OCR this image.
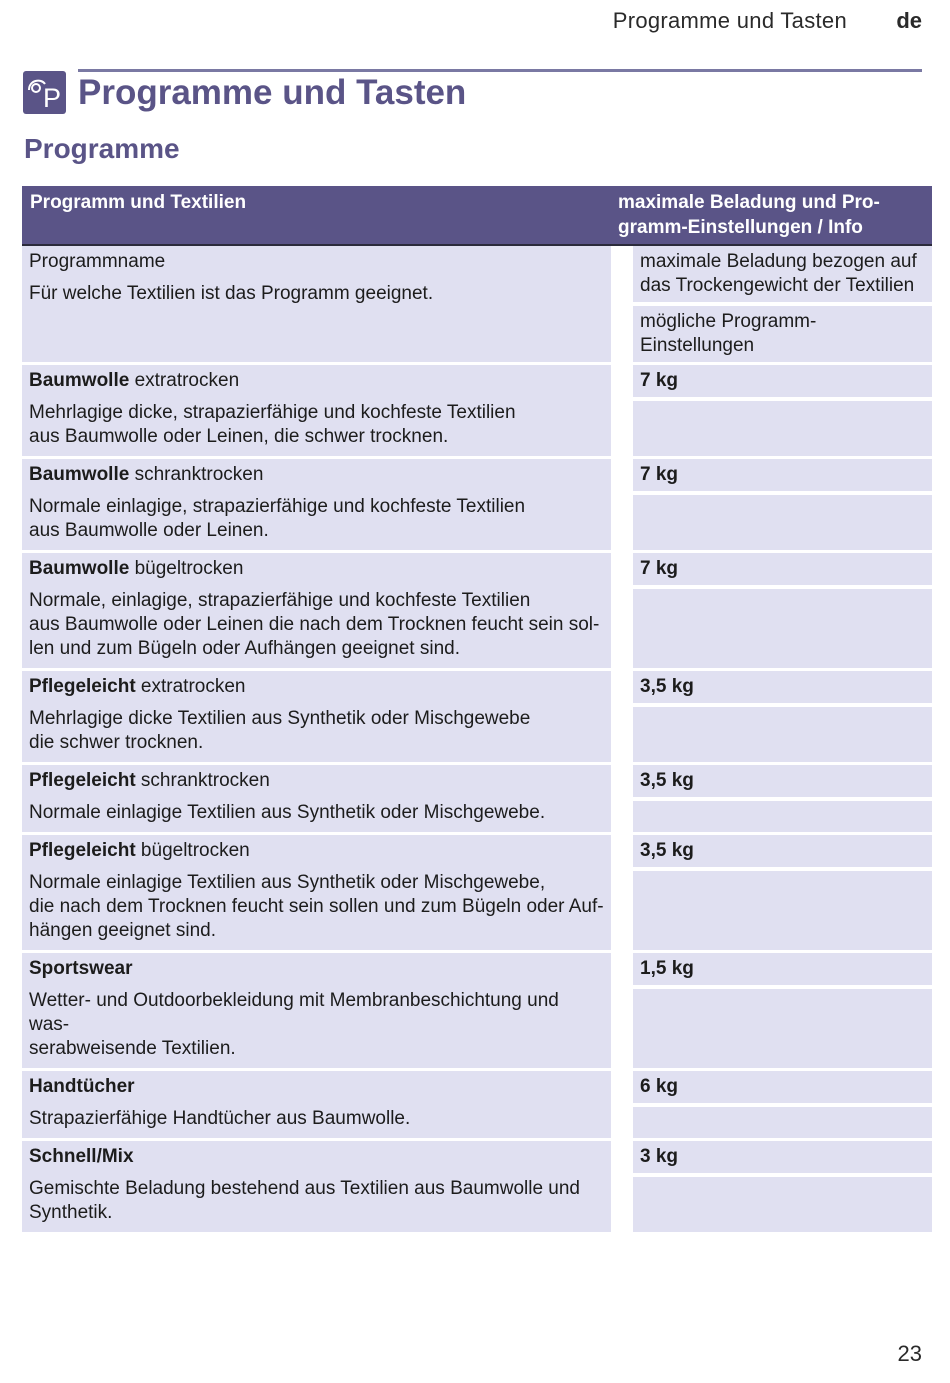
Programme und Tasten de
P Programme und Tasten
Programme
Programm und Textilien	maximale Beladung und Pro-
gramm-Einstellungen / Info
Programmname
Für welche Textilien ist das Programm geeignet.
maximale Beladung bezogen auf
das Trockengewicht der Textilien
mögliche Programm-Einstellungen
Baumwolle extratrocken
Mehrlagige dicke, strapazierfähige und kochfeste Textilien
aus Baumwolle oder Leinen, die schwer trocknen.
7 kg
Baumwolle schranktrocken
Normale einlagige, strapazierfähige und kochfeste Textilien
aus Baumwolle oder Leinen.
7 kg
Baumwolle bügeltrocken
Normale, einlagige, strapazierfähige und kochfeste Textilien
aus Baumwolle oder Leinen die nach dem Trocknen feucht sein sol-
len und zum Bügeln oder Aufhängen geeignet sind.
7 kg
Pflegeleicht extratrocken
Mehrlagige dicke Textilien aus Synthetik oder Mischgewebe
die schwer trocknen.
3,5 kg
Pflegeleicht schranktrocken
Normale einlagige Textilien aus Synthetik oder Mischgewebe.
3,5 kg
Pflegeleicht bügeltrocken
Normale einlagige Textilien aus Synthetik oder Mischgewebe,
die nach dem Trocknen feucht sein sollen und zum Bügeln oder Auf-
hängen geeignet sind.
3,5 kg
Sportswear
Wetter- und Outdoorbekleidung mit Membranbeschichtung und was-
serabweisende Textilien.
1,5 kg
Handtücher
Strapazierfähige Handtücher aus Baumwolle.
6 kg
Schnell/Mix
Gemischte Beladung bestehend aus Textilien aus Baumwolle und
Synthetik.
3 kg
23
